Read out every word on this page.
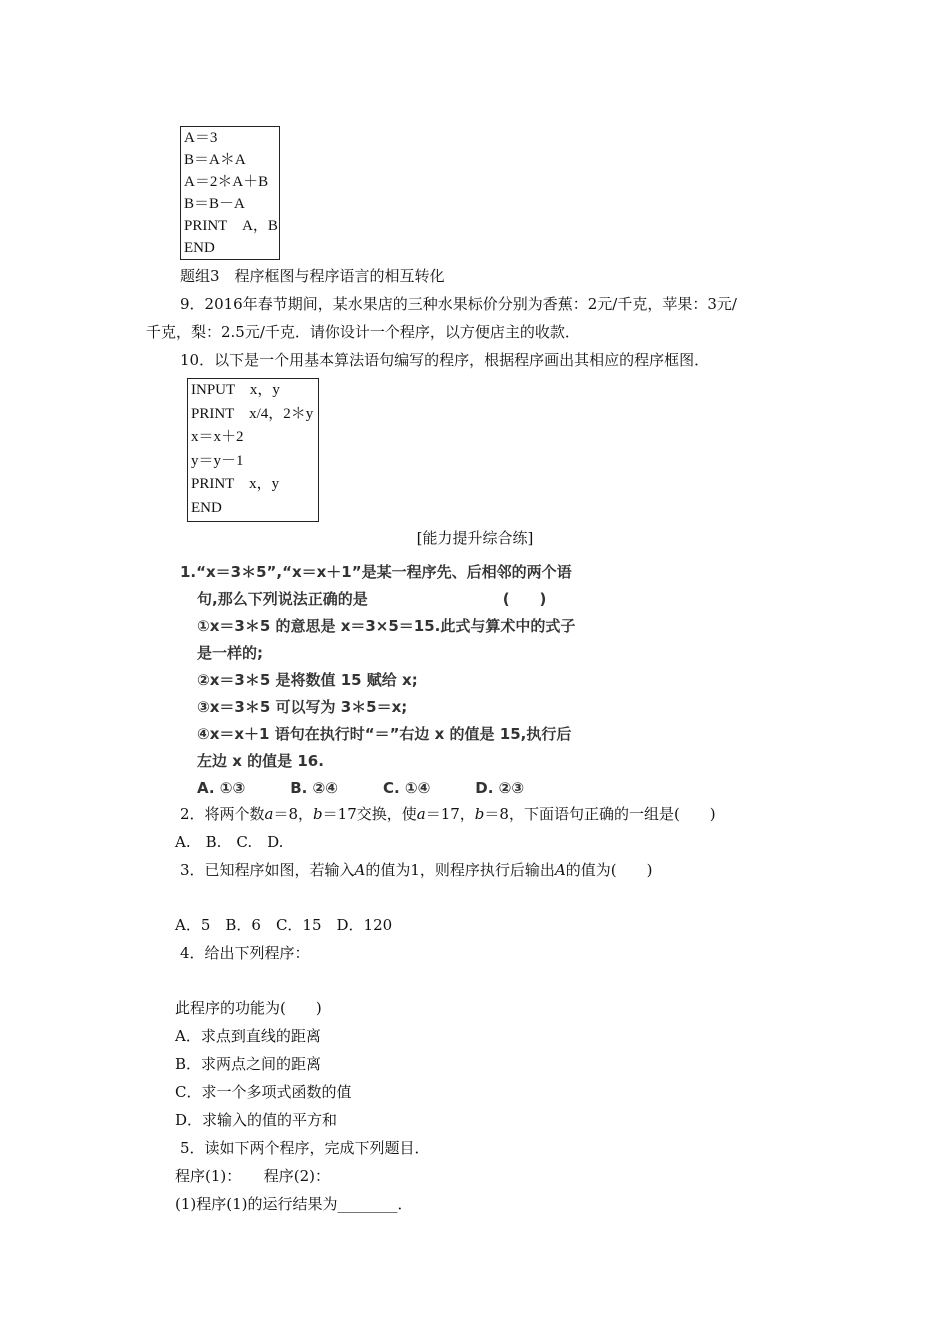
A＝3
B＝A＊A
A＝2＊A＋B
B＝B－A
PRINT　A，B
END
题组3　程序框图与程序语言的相互转化
9．2016年春节期间，某水果店的三种水果标价分别为香蕉：2元/千克，苹果：3元/
千克，梨：2.5元/千克．请你设计一个程序，以方便店主的收款．
10．以下是一个用基本算法语句编写的程序，根据程序画出其相应的程序框图．
INPUT　x，y
PRINT　x/4，2＊y
x＝x＋2
y＝y－1
PRINT　x，y
END
[能力提升综合练]
1.“x＝3＊5”,“x＝x＋1”是某一程序先、后相邻的两个语
句,那么下列说法正确的是　　　　　　　　　(　　)
①x＝3＊5 的意思是 x＝3×5＝15.此式与算术中的式子
是一样的;
②x＝3＊5 是将数值 15 赋给 x;
③x＝3＊5 可以写为 3＊5＝x;
④x＝x＋1 语句在执行时“＝”右边 x 的值是 15,执行后
左边 x 的值是 16.
A. ①③　　　B. ②④　　　C. ①④　　　D. ②③
2．将两个数a＝8，b＝17交换，使a＝17，b＝8，下面语句正确的一组是(　　)
A.　B.　C.　D.
3．已知程序如图，若输入A的值为1，则程序执行后输出A的值为(　　)
A．5　B．6　C．15　D．120
4．给出下列程序：
此程序的功能为(　　)
A．求点到直线的距离
B．求两点之间的距离
C．求一个多项式函数的值
D．求输入的值的平方和
5．读如下两个程序，完成下列题目．
程序(1)：　　程序(2)：
(1)程序(1)的运行结果为________．
